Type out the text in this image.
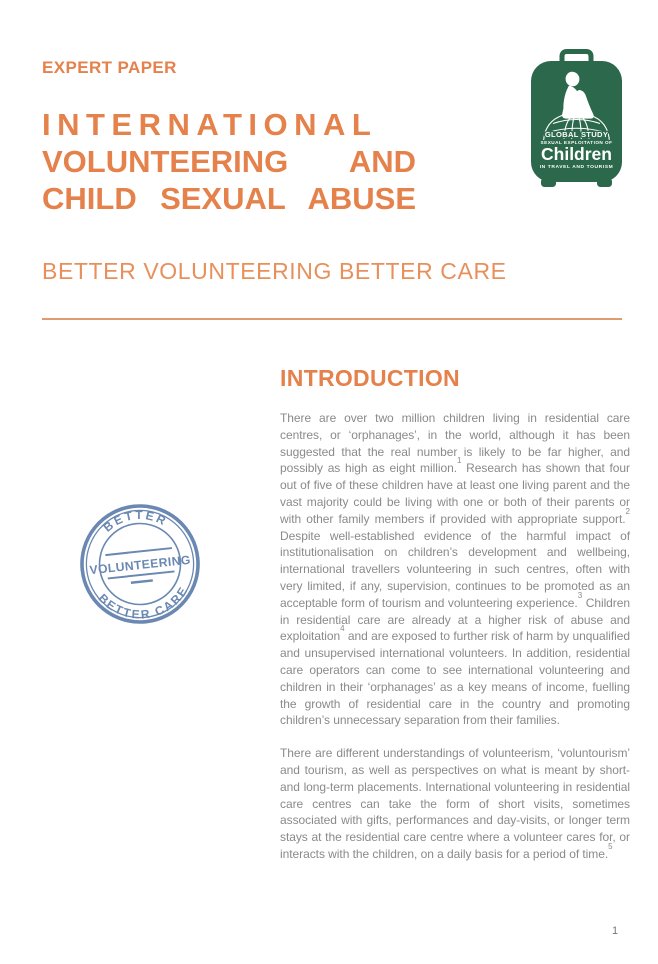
EXPERT PAPER
INTERNATIONAL
VOLUNTEERING AND
CHILD SEXUAL ABUSE
BETTER VOLUNTEERING BETTER CARE
GLOBAL STUDY
SEXUAL EXPLOITATION OF
Children
IN TRAVEL AND TOURISM
BETTER
BETTER CARE
VOLUNTEERING
INTRODUCTION

There are over two million children living in residential care centres, or ‘orphanages’, in the world, although it has been suggested that the real number is likely to be far higher, and possibly as high as eight million.$^1$ Research has shown that four out of five of these children have at least one living parent and the vast majority could be living with one or both of their parents or with other family members if provided with appropriate support.$^2$ Despite well-established evidence of the harmful impact of institutionalisation on children’s development and wellbeing, international travellers volunteering in such centres, often with very limited, if any, supervision, continues to be promoted as an acceptable form of tourism and volunteering experience.$^3$ Children in residential care are already at a higher risk of abuse and exploitation$^4$ and are exposed to further risk of harm by unqualified and unsupervised international volunteers. In addition, residential care operators can come to see international volunteering and children in their ‘orphanages’ as a key means of income, fuelling the growth of residential care in the country and promoting children’s unnecessary separation from their families.

There are different understandings of volunteerism, ‘voluntourism’ and tourism, as well as perspectives on what is meant by short- and long-term placements. International volunteering in residential care centres can take the form of short visits, sometimes associated with gifts, performances and day-visits, or longer term stays at the residential care centre where a volunteer cares for, or interacts with the children, on a daily basis for a period of time.$^5$

1
